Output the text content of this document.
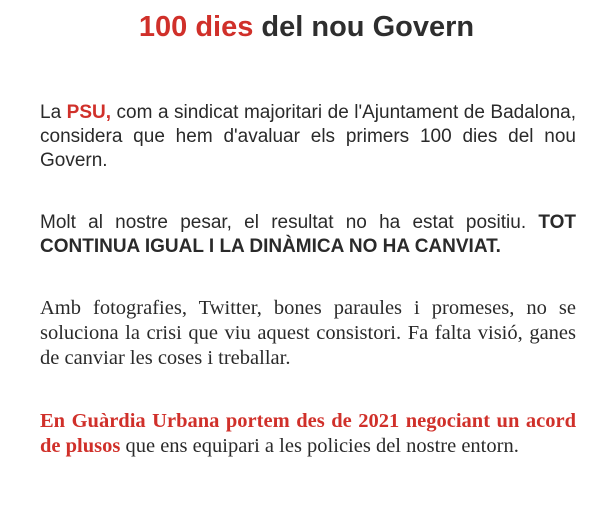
100 dies del nou Govern

La PSU, com a sindicat majoritari de l'Ajuntament de Badalona, considera que hem d'avaluar els primers 100 dies del nou Govern.

Molt al nostre pesar, el resultat no ha estat positiu. TOT CONTINUA IGUAL I LA DINÀMICA NO HA CANVIAT.

Amb fotografies, Twitter, bones paraules i promeses, no se soluciona la crisi que viu aquest consistori. Fa falta visió, ganes de canviar les coses i treballar.

En Guàrdia Urbana portem des de 2021 negociant un acord de plusos que ens equipari a les policies del nostre entorn.
